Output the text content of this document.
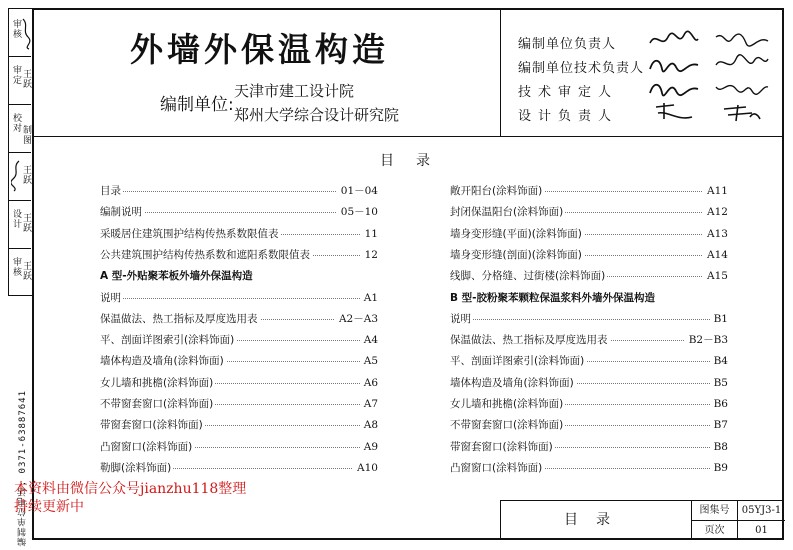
审核
审定 王跃
校对
制图
王跃
设计 王跃
审核 王跃
编制单位电话: 0371-63887641
外墙外保温构造
编制单位:
天津市建工设计院
郑州大学综合设计研究院
编制单位负责人
编制单位技术负责人
技术审定人
设计负责人
目录
目录	01－04
编制说明	05－10
采暖居住建筑围护结构传热系数限值表	11
公共建筑围护结构传热系数和遮阳系数限值表	12
A 型-外贴聚苯板外墙外保温构造
说明	A1
保温做法、热工指标及厚度选用表	A2－A3
平、剖面详图索引(涂料饰面)	A4
墙体构造及墙角(涂料饰面)	A5
女儿墙和挑檐(涂料饰面)	A6
不带窗套窗口(涂料饰面)	A7
带窗套窗口(涂料饰面)	A8
凸窗窗口(涂料饰面)	A9
勒脚(涂料饰面)	A10
敞开阳台(涂料饰面)	A11
封闭保温阳台(涂料饰面)	A12
墙身变形缝(平面)(涂料饰面)	A13
墙身变形缝(剖面)(涂料饰面)	A14
线脚、分格缝、过街楼(涂料饰面)	A15
B 型-胶粉聚苯颗粒保温浆料外墙外保温构造
说明	B1
保温做法、热工指标及厚度选用表	B2－B3
平、剖面详图索引(涂料饰面)	B4
墙体构造及墙角(涂料饰面)	B5
女儿墙和挑檐(涂料饰面)	B6
不带窗套窗口(涂料饰面)	B7
带窗套窗口(涂料饰面)	B8
凸窗窗口(涂料饰面)	B9
目录
图集号	05YJ3-1
页次	01
本资料由微信公众号jianzhu118整理
持续更新中
